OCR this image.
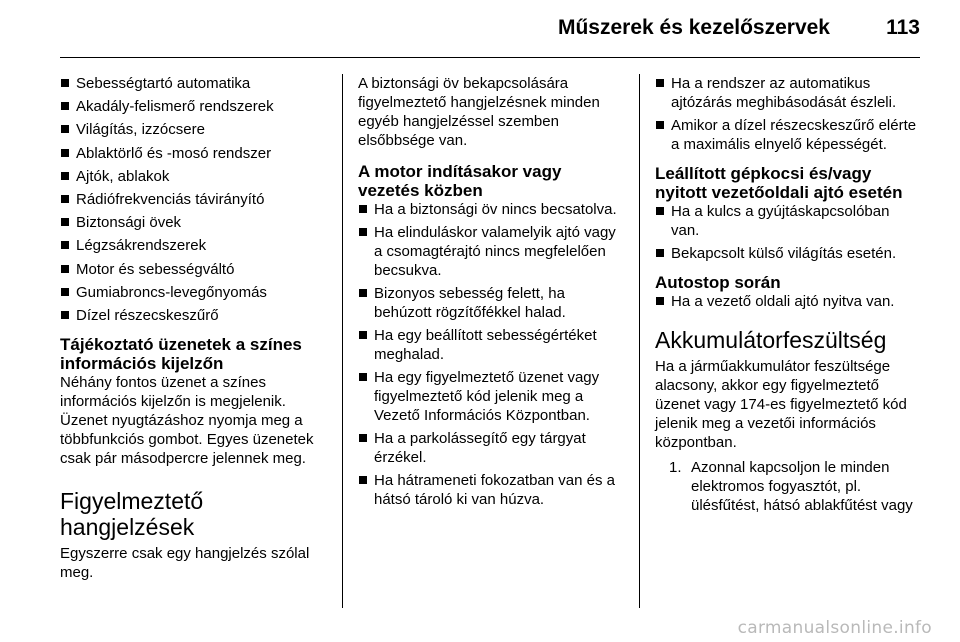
Műszerek és kezelőszervek	113
Sebességtartó automatika
Akadály-felismerő rendszerek
Világítás, izzócsere
Ablaktörlő és -mosó rendszer
Ajtók, ablakok
Rádiófrekvenciás távirányító
Biztonsági övek
Légzsákrendszerek
Motor és sebességváltó
Gumiabroncs-levegőnyomás
Dízel részecskeszűrő
Tájékoztató üzenetek a színes információs kijelzőn

Néhány fontos üzenet a színes információs kijelzőn is megjelenik. Üzenet nyugtázáshoz nyomja meg a többfunkciós gombot. Egyes üzenetek csak pár másodpercre jelennek meg.

Figyelmeztető hangjelzések

Egyszerre csak egy hangjelzés szólal meg.

A biztonsági öv bekapcsolására figyelmeztető hangjelzésnek minden egyéb hangjelzéssel szemben elsőbbsége van.

A motor indításakor vagy vezetés közben
Ha a biztonsági öv nincs becsatolva.
Ha elinduláskor valamelyik ajtó vagy a csomagtérajtó nincs megfelelően becsukva.
Bizonyos sebesség felett, ha behúzott rögzítőfékkel halad.
Ha egy beállított sebességértéket meghalad.
Ha egy figyelmeztető üzenet vagy figyelmeztető kód jelenik meg a Vezető Információs Központban.
Ha a parkolássegítő egy tárgyat érzékel.
Ha hátrameneti fokozatban van és a hátsó tároló ki van húzva.
Ha a rendszer az automatikus ajtózárás meghibásodását észleli.
Amikor a dízel részecskeszűrő elérte a maximális elnyelő képességét.
Leállított gépkocsi és/vagy nyitott vezetőoldali ajtó esetén
Ha a kulcs a gyújtáskapcsolóban van.
Bekapcsolt külső világítás esetén.
Autostop során
Ha a vezető oldali ajtó nyitva van.
Akkumulátorfeszültség

Ha a járműakkumulátor feszültsége alacsony, akkor egy figyelmeztető üzenet vagy 174-es figyelmeztető kód jelenik meg a vezetői információs központban.

1. Azonnal kapcsoljon le minden elektromos fogyasztót, pl. ülésfűtést, hátsó ablakfűtést vagy
carmanualsonline.info
